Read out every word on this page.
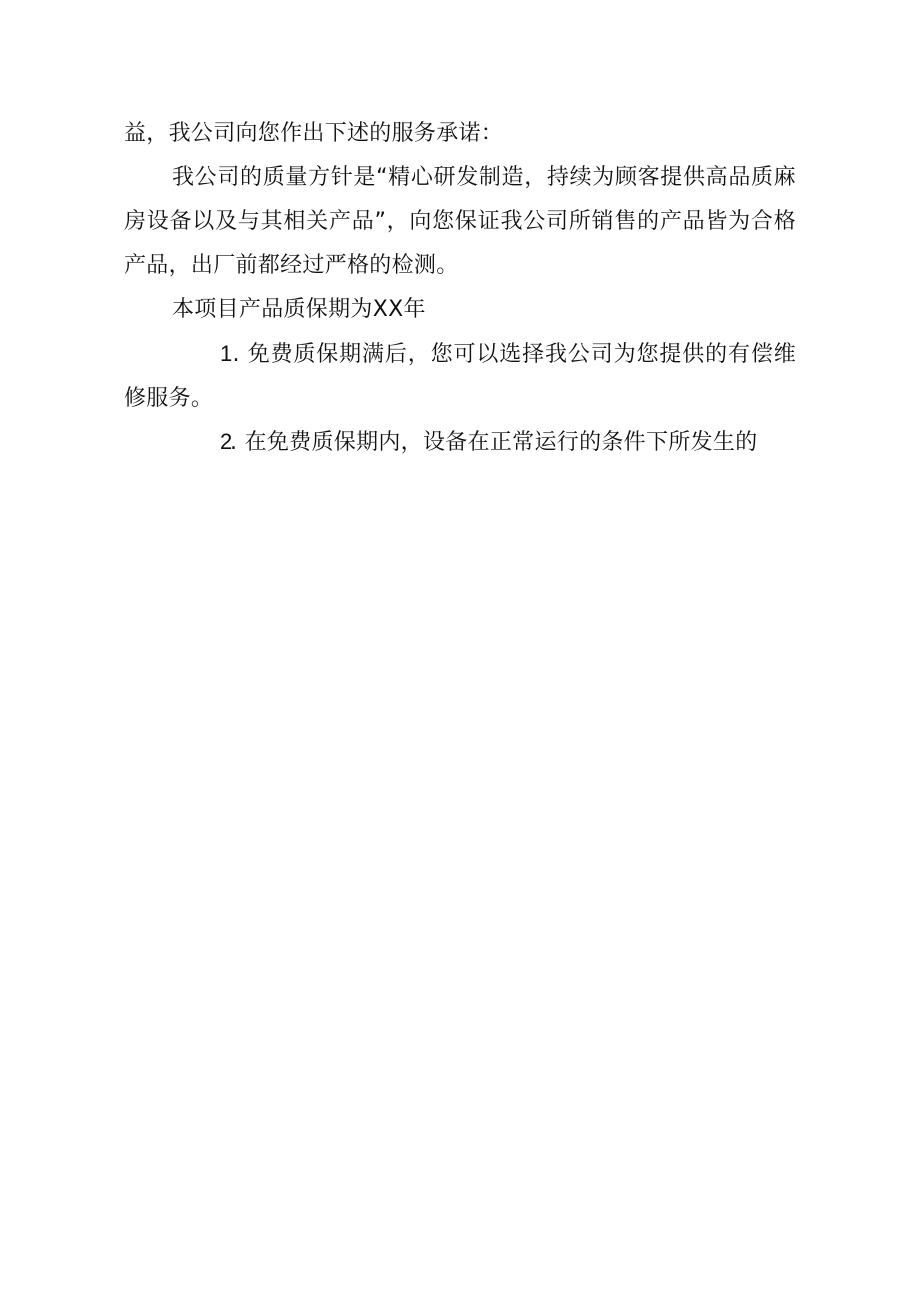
益，我公司向您作出下述的服务承诺：

我公司的质量方针是“精心研发制造，持续为顾客提供高品质麻房设备以及与其相关产品”，向您保证我公司所销售的产品皆为合格产品，出厂前都经过严格的检测。

本项目产品质保期为XX年

1. 免费质保期满后，您可以选择我公司为您提供的有偿维修服务。

2. 在免费质保期内，设备在正常运行的条件下所发生的
